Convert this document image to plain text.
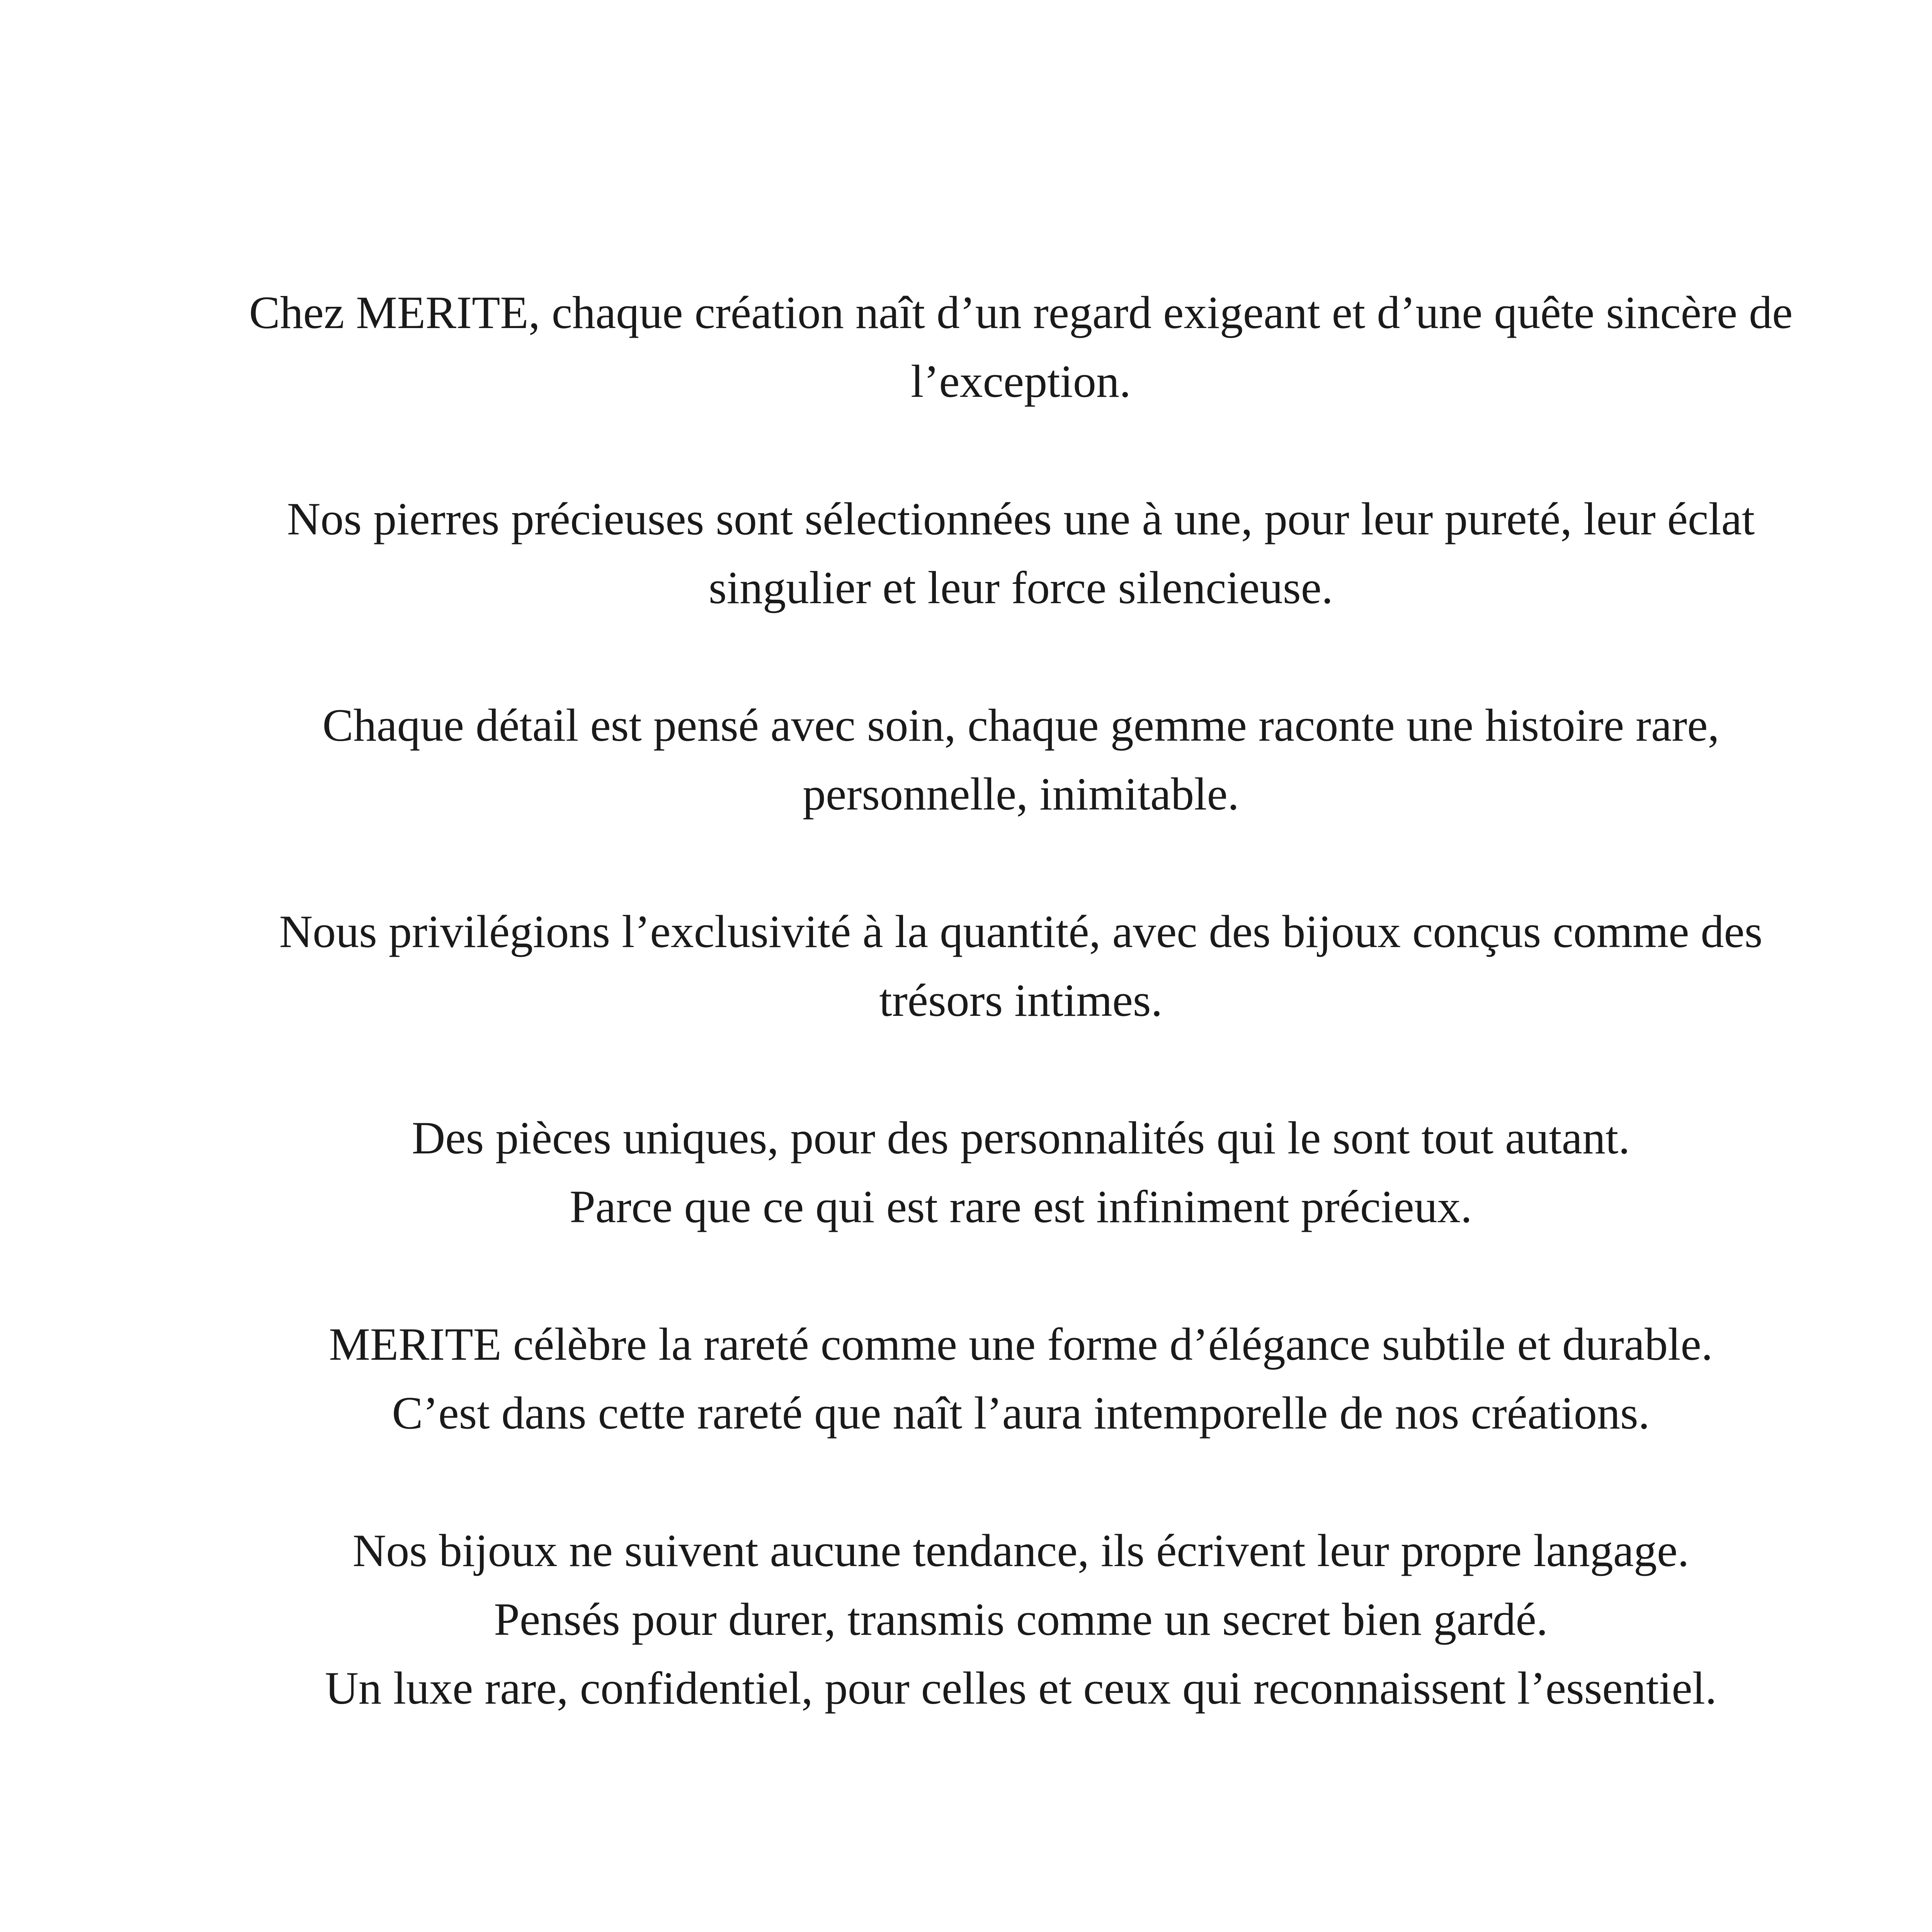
Chez MERITE, chaque création naît d’un regard exigeant et d’une quête sincère de
l’exception.

Nos pierres précieuses sont sélectionnées une à une, pour leur pureté, leur éclat
singulier et leur force silencieuse.

Chaque détail est pensé avec soin, chaque gemme raconte une histoire rare,
personnelle, inimitable.

Nous privilégions l’exclusivité à la quantité, avec des bijoux conçus comme des
trésors intimes.

Des pièces uniques, pour des personnalités qui le sont tout autant.
Parce que ce qui est rare est infiniment précieux.

MERITE célèbre la rareté comme une forme d’élégance subtile et durable.
C’est dans cette rareté que naît l’aura intemporelle de nos créations.

Nos bijoux ne suivent aucune tendance, ils écrivent leur propre langage.
Pensés pour durer, transmis comme un secret bien gardé.
Un luxe rare, confidentiel, pour celles et ceux qui reconnaissent l’essentiel.
